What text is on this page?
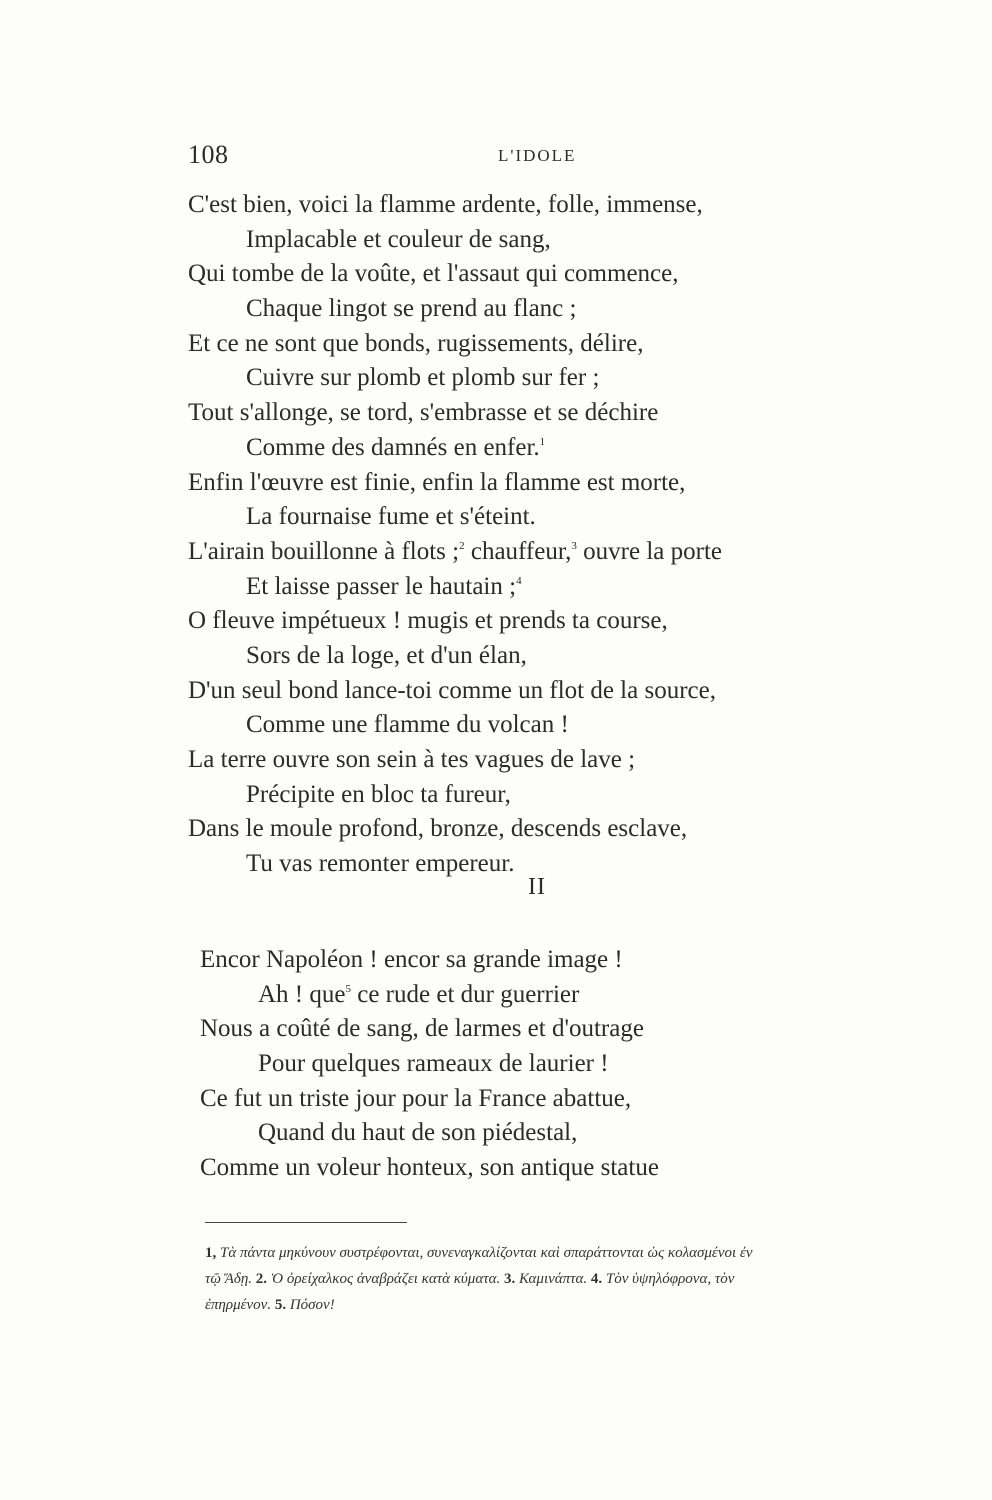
108	L'IDOLE
C'est bien, voici la flamme ardente, folle, immense,
Implacable et couleur de sang,
Qui tombe de la voûte, et l'assaut qui commence,
Chaque lingot se prend au flanc ;
Et ce ne sont que bonds, rugissements, délire,
Cuivre sur plomb et plomb sur fer ;
Tout s'allonge, se tord, s'embrasse et se déchire
Comme des damnés en enfer.$^1$
Enfin l'œuvre est finie, enfin la flamme est morte,
La fournaise fume et s'éteint.
L'airain bouillonne à flots ;$^2$ chauffeur,$^3$ ouvre la porte
Et laisse passer le hautain ;$^4$
O fleuve impétueux ! mugis et prends ta course,
Sors de la loge, et d'un élan,
D'un seul bond lance-toi comme un flot de la source,
Comme une flamme du volcan !
La terre ouvre son sein à tes vagues de lave ;
Précipite en bloc ta fureur,
Dans le moule profond, bronze, descends esclave,
Tu vas remonter empereur.
II
Encor Napoléon ! encor sa grande image !
Ah ! que$^5$ ce rude et dur guerrier
Nous a coûté de sang, de larmes et d'outrage
Pour quelques rameaux de laurier !
Ce fut un triste jour pour la France abattue,
Quand du haut de son piédestal,
Comme un voleur honteux, son antique statue
1, Τὰ πάντα μηκύνουν συστρέφονται, συνεναγκαλίζονται καὶ σπαράττονται ὡς κολασμένοι ἐν
τῷ Ἅδῃ. 2. Ὁ ὀρείχαλκος ἀναβράζει κατὰ κύματα. 3. Καμινάπτα. 4. Τὸν ὑψηλόφρονα, τὸν
ἐπηρμένον. 5. Πόσον!
